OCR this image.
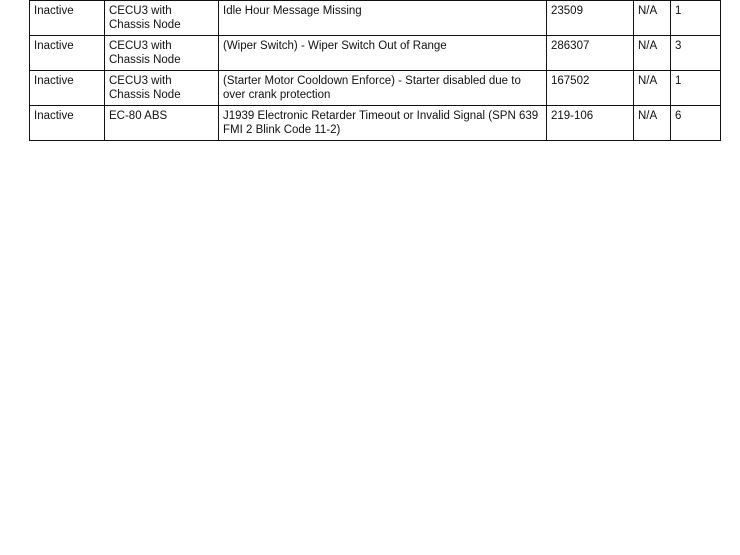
Inactive	CECU3 with Chassis Node	Idle Hour Message Missing	23509	N/A	1
Inactive	CECU3 with Chassis Node	(Wiper Switch) - Wiper Switch Out of Range	286307	N/A	3
Inactive	CECU3 with Chassis Node	(Starter Motor Cooldown Enforce) - Starter disabled due to over crank protection	167502	N/A	1
Inactive	EC-80 ABS	J1939 Electronic Retarder Timeout or Invalid Signal (SPN 639 FMI 2 Blink Code 11-2)	219-106	N/A	6
